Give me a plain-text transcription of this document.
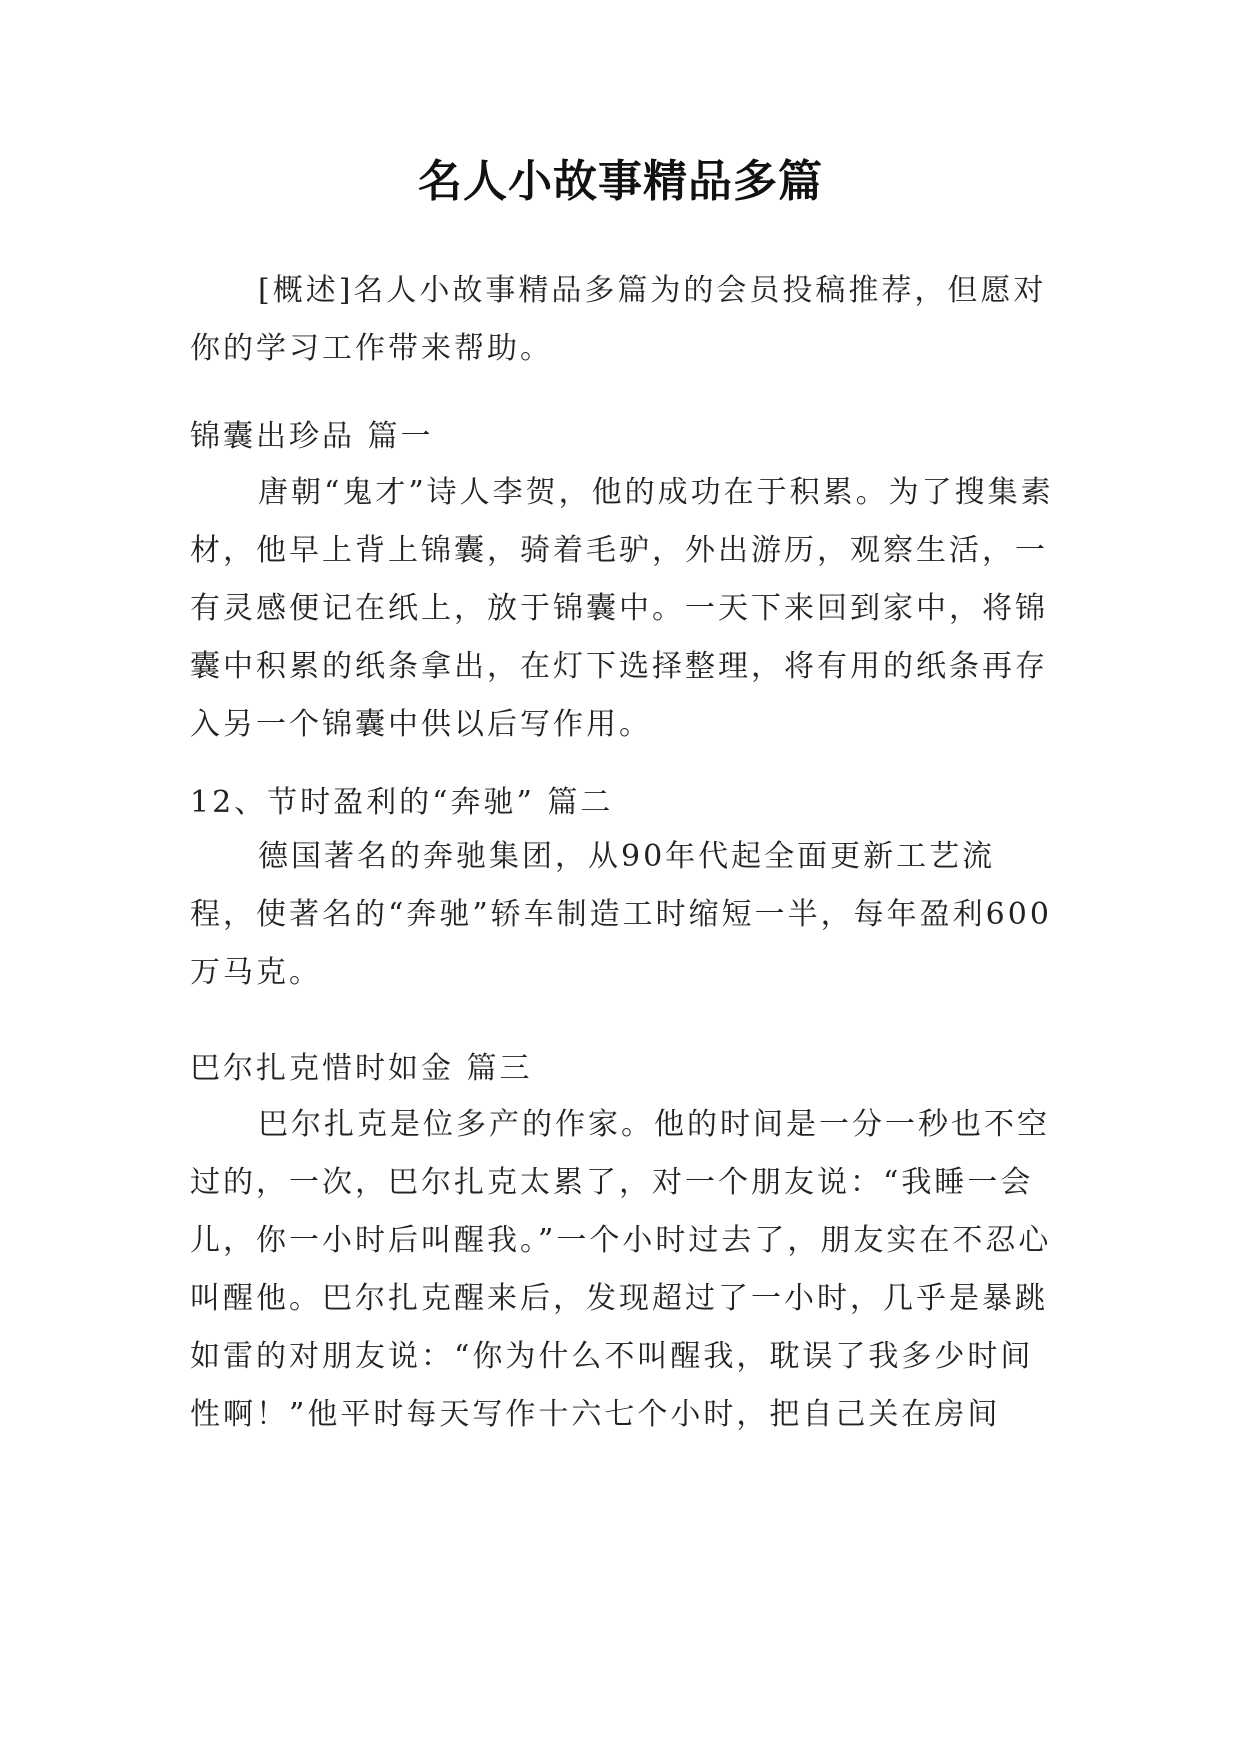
名人小故事精品多篇

[概述]名人小故事精品多篇为的会员投稿推荐，但愿对你的学习工作带来帮助。

锦囊出珍品 篇一

唐朝“鬼才”诗人李贺，他的成功在于积累。为了搜集素材，他早上背上锦囊，骑着毛驴，外出游历，观察生活，一有灵感便记在纸上，放于锦囊中。一天下来回到家中，将锦囊中积累的纸条拿出，在灯下选择整理，将有用的纸条再存入另一个锦囊中供以后写作用。

12、节时盈利的“奔驰” 篇二

德国著名的奔驰集团，从90年代起全面更新工艺流程，使著名的“奔驰”轿车制造工时缩短一半，每年盈利600万马克。

巴尔扎克惜时如金 篇三

巴尔扎克是位多产的作家。他的时间是一分一秒也不空过的，一次，巴尔扎克太累了，对一个朋友说：“我睡一会儿，你一小时后叫醒我。”一个小时过去了，朋友实在不忍心叫醒他。巴尔扎克醒来后，发现超过了一小时，几乎是暴跳如雷的对朋友说：“你为什么不叫醒我，耽误了我多少时间性啊！”他平时每天写作十六七个小时，把自己关在房间
